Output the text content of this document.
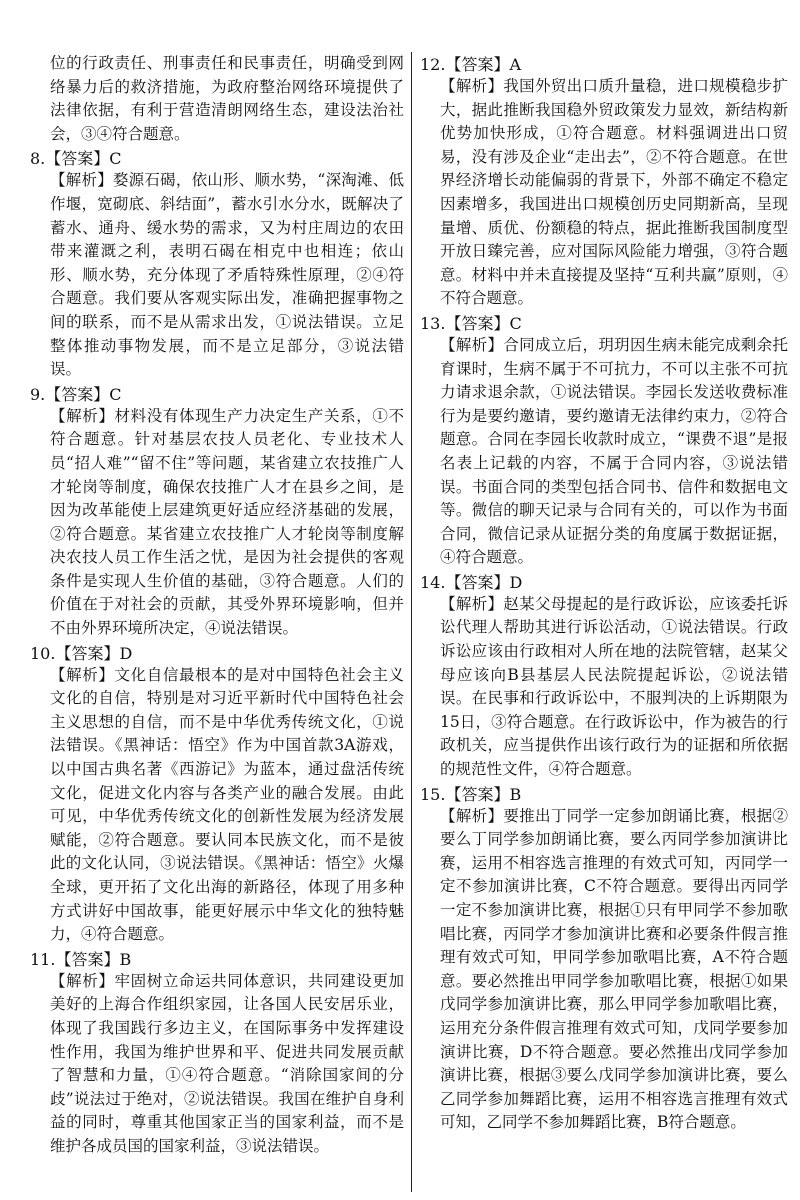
位的行政责任、刑事责任和民事责任，明确受到网络暴力后的救济措施，为政府整治网络环境提供了法律依据，有利于营造清朗网络生态，建设法治社会，③④符合题意。

8.【答案】C

【解析】婺源石碣，依山形、顺水势，“深淘滩、低作堰，宽砌底、斜结面”，蓄水引水分水，既解决了蓄水、通舟、缓水势的需求，又为村庄周边的农田带来灌溉之利，表明石碣在相克中也相连；依山形、顺水势，充分体现了矛盾特殊性原理，②④符合题意。我们要从客观实际出发，准确把握事物之间的联系，而不是从需求出发，①说法错误。立足整体推动事物发展，而不是立足部分，③说法错误。

9.【答案】C

【解析】材料没有体现生产力决定生产关系，①不符合题意。针对基层农技人员老化、专业技术人员“招人难”“留不住”等问题，某省建立农技推广人才轮岗等制度，确保农技推广人才在县乡之间，是因为改革能使上层建筑更好适应经济基础的发展，②符合题意。某省建立农技推广人才轮岗等制度解决农技人员工作生活之忧，是因为社会提供的客观条件是实现人生价值的基础，③符合题意。人们的价值在于对社会的贡献，其受外界环境影响，但并不由外界环境所决定，④说法错误。

10.【答案】D

【解析】文化自信最根本的是对中国特色社会主义文化的自信，特别是对习近平新时代中国特色社会主义思想的自信，而不是中华优秀传统文化，①说法错误。《黑神话：悟空》作为中国首款3A游戏，以中国古典名著《西游记》为蓝本，通过盘活传统文化，促进文化内容与各类产业的融合发展。由此可见，中华优秀传统文化的创新性发展为经济发展赋能，②符合题意。要认同本民族文化，而不是彼此的文化认同，③说法错误。《黑神话：悟空》火爆全球，更开拓了文化出海的新路径，体现了用多种方式讲好中国故事，能更好展示中华文化的独特魅力，④符合题意。

11.【答案】B

【解析】牢固树立命运共同体意识，共同建设更加美好的上海合作组织家园，让各国人民安居乐业，体现了我国践行多边主义，在国际事务中发挥建设性作用，我国为维护世界和平、促进共同发展贡献了智慧和力量，①④符合题意。“消除国家间的分歧”说法过于绝对，②说法错误。我国在维护自身利益的同时，尊重其他国家正当的国家利益，而不是维护各成员国的国家利益，③说法错误。

12.【答案】A

【解析】我国外贸出口质升量稳，进口规模稳步扩大，据此推断我国稳外贸政策发力显效，新结构新优势加快形成，①符合题意。材料强调进出口贸易，没有涉及企业“走出去”，②不符合题意。在世界经济增长动能偏弱的背景下，外部不确定不稳定因素增多，我国进出口规模创历史同期新高，呈现量增、质优、份额稳的特点，据此推断我国制度型开放日臻完善，应对国际风险能力增强，③符合题意。材料中并未直接提及坚持“互利共赢”原则，④不符合题意。

13.【答案】C

【解析】合同成立后，玥玥因生病未能完成剩余托育课时，生病不属于不可抗力，不可以主张不可抗力请求退余款，①说法错误。李园长发送收费标准行为是要约邀请，要约邀请无法律约束力，②符合题意。合同在李园长收款时成立，“课费不退”是报名表上记载的内容，不属于合同内容，③说法错误。书面合同的类型包括合同书、信件和数据电文等。微信的聊天记录与合同有关的，可以作为书面合同，微信记录从证据分类的角度属于数据证据，④符合题意。

14.【答案】D

【解析】赵某父母提起的是行政诉讼，应该委托诉讼代理人帮助其进行诉讼活动，①说法错误。行政诉讼应该由行政相对人所在地的法院管辖，赵某父母应该向B县基层人民法院提起诉讼，②说法错误。在民事和行政诉讼中，不服判决的上诉期限为15日，③符合题意。在行政诉讼中，作为被告的行政机关，应当提供作出该行政行为的证据和所依据的规范性文件，④符合题意。

15.【答案】B

【解析】要推出丁同学一定参加朗诵比赛，根据②要么丁同学参加朗诵比赛，要么丙同学参加演讲比赛，运用不相容选言推理的有效式可知，丙同学一定不参加演讲比赛，C不符合题意。要得出丙同学一定不参加演讲比赛，根据①只有甲同学不参加歌唱比赛，丙同学才参加演讲比赛和必要条件假言推理有效式可知，甲同学参加歌唱比赛，A不符合题意。要必然推出甲同学参加歌唱比赛，根据①如果戊同学参加演讲比赛，那么甲同学参加歌唱比赛，运用充分条件假言推理有效式可知，戊同学要参加演讲比赛，D不符合题意。要必然推出戊同学参加演讲比赛，根据③要么戊同学参加演讲比赛，要么乙同学参加舞蹈比赛，运用不相容选言推理有效式可知，乙同学不参加舞蹈比赛，B符合题意。
